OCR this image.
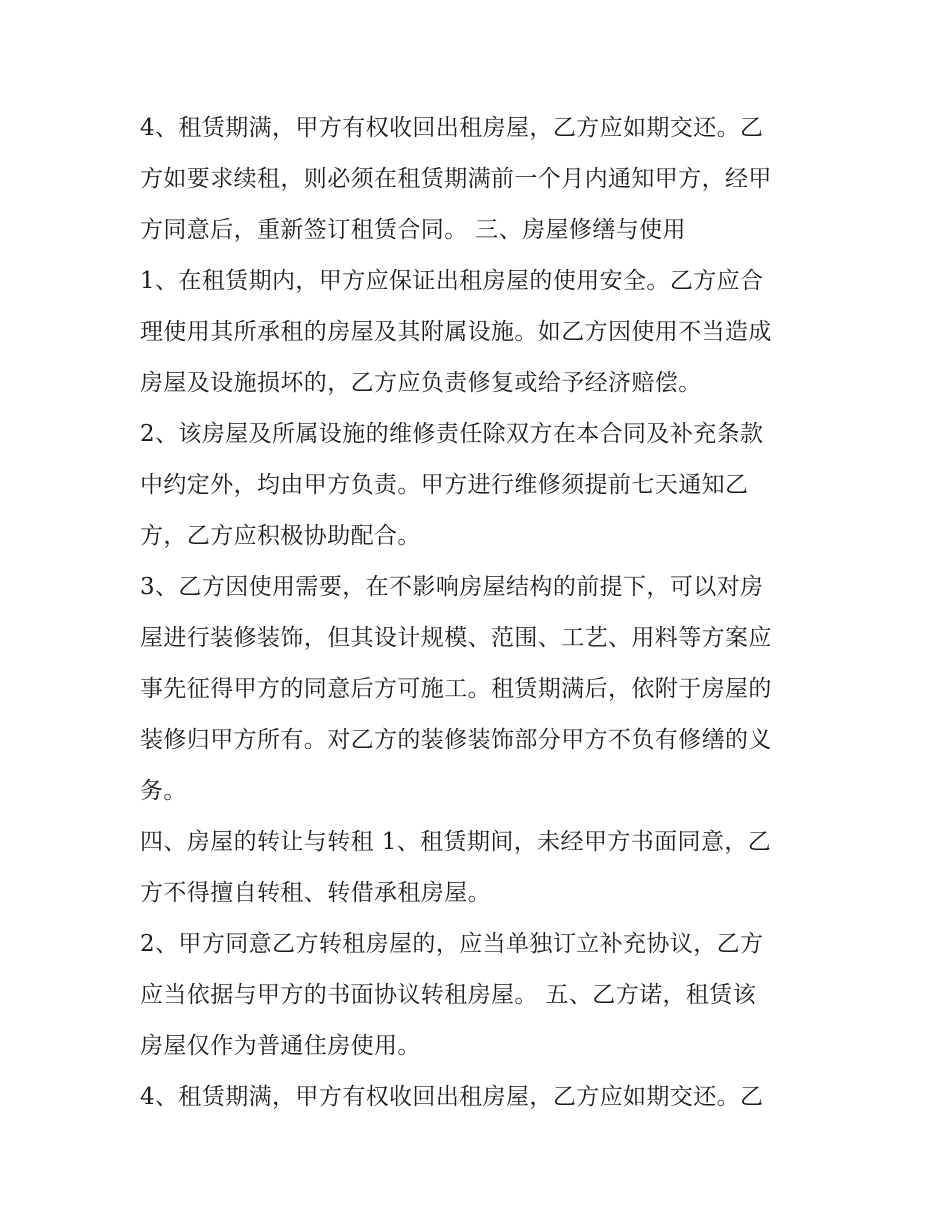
4、租赁期满，甲方有权收回出租房屋，乙方应如期交还。乙
方如要求续租，则必须在租赁期满前一个月内通知甲方，经甲
方同意后，重新签订租赁合同。 三、房屋修缮与使用
1、在租赁期内，甲方应保证出租房屋的使用安全。乙方应合
理使用其所承租的房屋及其附属设施。如乙方因使用不当造成
房屋及设施损坏的，乙方应负责修复或给予经济赔偿。
2、该房屋及所属设施的维修责任除双方在本合同及补充条款
中约定外，均由甲方负责。甲方进行维修须提前七天通知乙
方，乙方应积极协助配合。
3、乙方因使用需要，在不影响房屋结构的前提下，可以对房
屋进行装修装饰，但其设计规模、范围、工艺、用料等方案应
事先征得甲方的同意后方可施工。租赁期满后，依附于房屋的
装修归甲方所有。对乙方的装修装饰部分甲方不负有修缮的义
务。
四、房屋的转让与转租 1、租赁期间，未经甲方书面同意，乙
方不得擅自转租、转借承租房屋。
2、甲方同意乙方转租房屋的，应当单独订立补充协议，乙方
应当依据与甲方的书面协议转租房屋。 五、乙方诺，租赁该
房屋仅作为普通住房使用。
4、租赁期满，甲方有权收回出租房屋，乙方应如期交还。乙
